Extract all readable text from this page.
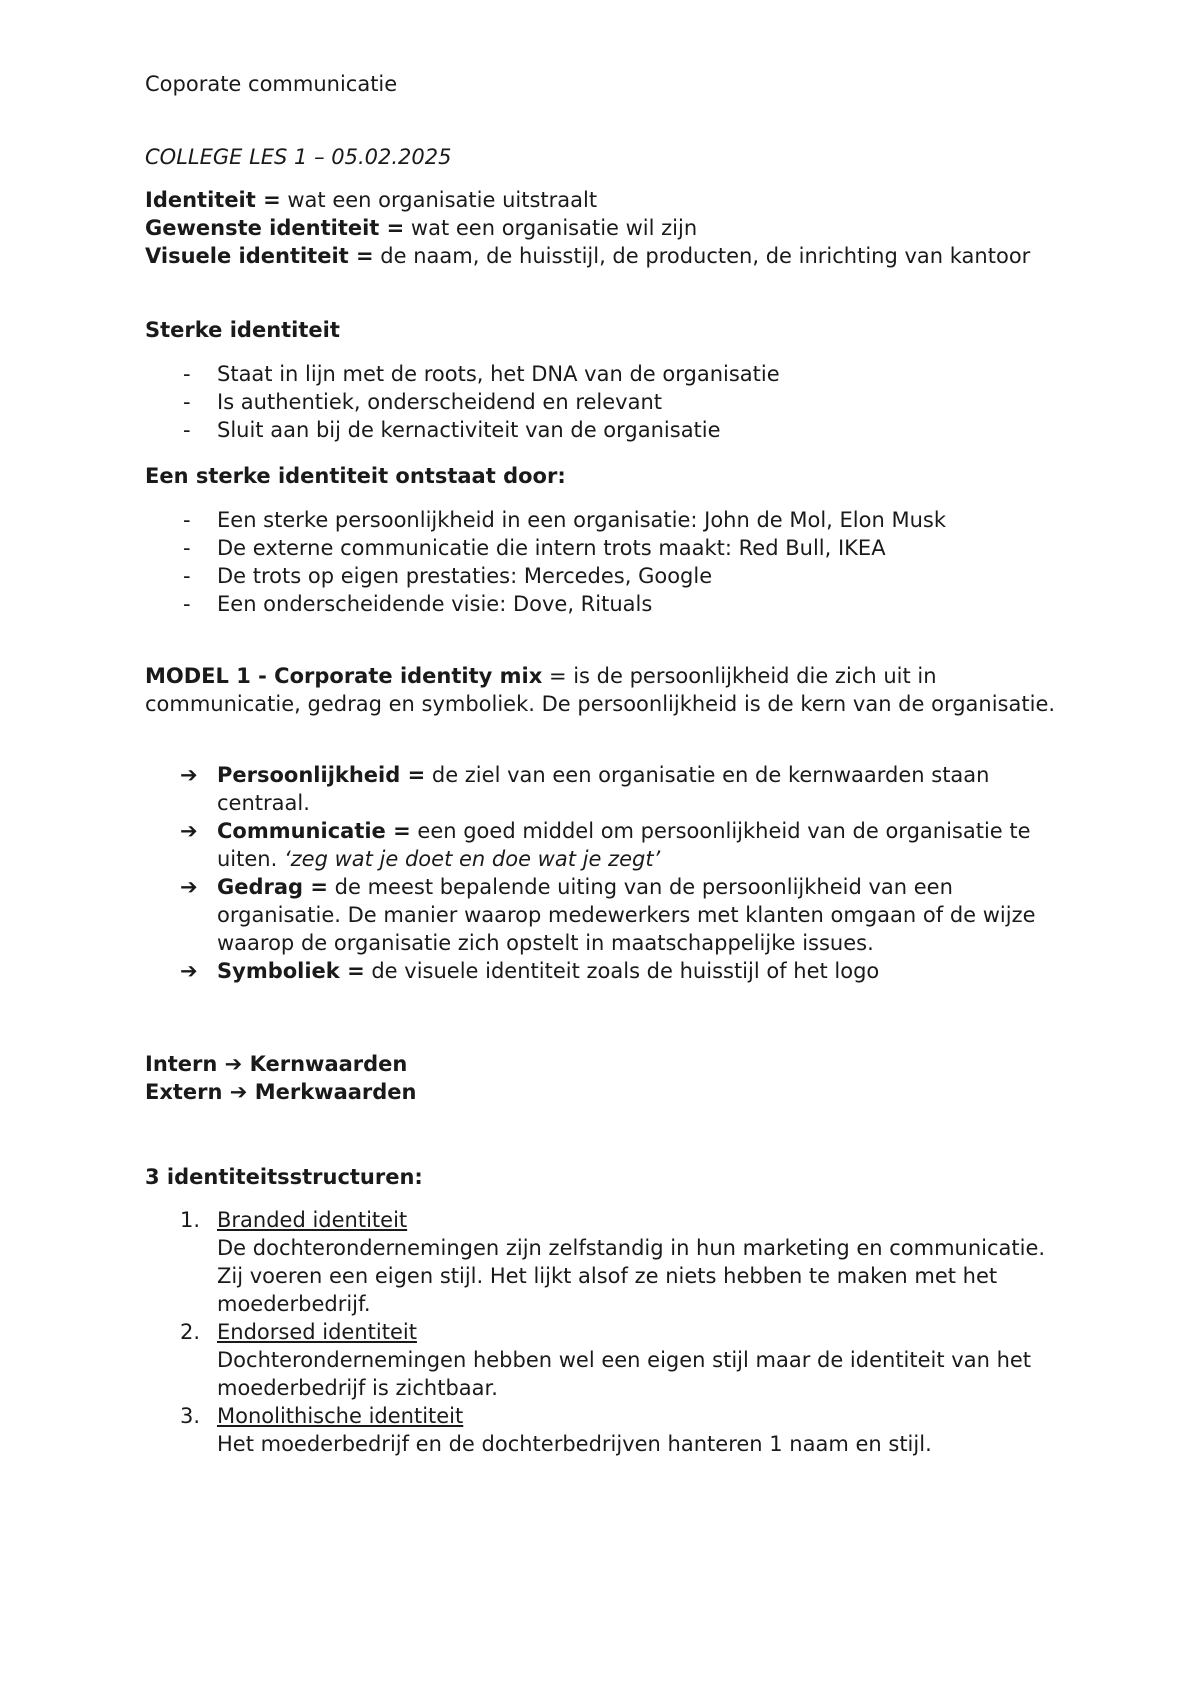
Coporate communicatie

COLLEGE LES 1 – 05.02.2025

Identiteit = wat een organisatie uitstraalt

Gewenste identiteit = wat een organisatie wil zijn

Visuele identiteit = de naam, de huisstijl, de producten, de inrichting van kantoor

Sterke identiteit

- Staat in lijn met de roots, het DNA van de organisatie
- Is authentiek, onderscheidend en relevant
- Sluit aan bij de kernactiviteit van de organisatie

Een sterke identiteit ontstaat door:

- Een sterke persoonlijkheid in een organisatie: John de Mol, Elon Musk
- De externe communicatie die intern trots maakt: Red Bull, IKEA
- De trots op eigen prestaties: Mercedes, Google
- Een onderscheidende visie: Dove, Rituals

MODEL 1 - Corporate identity mix = is de persoonlijkheid die zich uit in communicatie, gedrag en symboliek. De persoonlijkheid is de kern van de organisatie.

➔ Persoonlijkheid = de ziel van een organisatie en de kernwaarden staan centraal.
➔ Communicatie = een goed middel om persoonlijkheid van de organisatie te uiten. ‘zeg wat je doet en doe wat je zegt’
➔ Gedrag = de meest bepalende uiting van de persoonlijkheid van een organisatie. De manier waarop medewerkers met klanten omgaan of de wijze waarop de organisatie zich opstelt in maatschappelijke issues.
➔ Symboliek = de visuele identiteit zoals de huisstijl of het logo
Intern ➔ Kernwaarden
Extern ➔ Merkwaarden

3 identiteitsstructuren:

1. Branded identiteit
De dochterondernemingen zijn zelfstandig in hun marketing en communicatie. Zij voeren een eigen stijl. Het lijkt alsof ze niets hebben te maken met het moederbedrijf.
2. Endorsed identiteit
Dochterondernemingen hebben wel een eigen stijl maar de identiteit van het moederbedrijf is zichtbaar.
3. Monolithische identiteit
Het moederbedrijf en de dochterbedrijven hanteren 1 naam en stijl.
